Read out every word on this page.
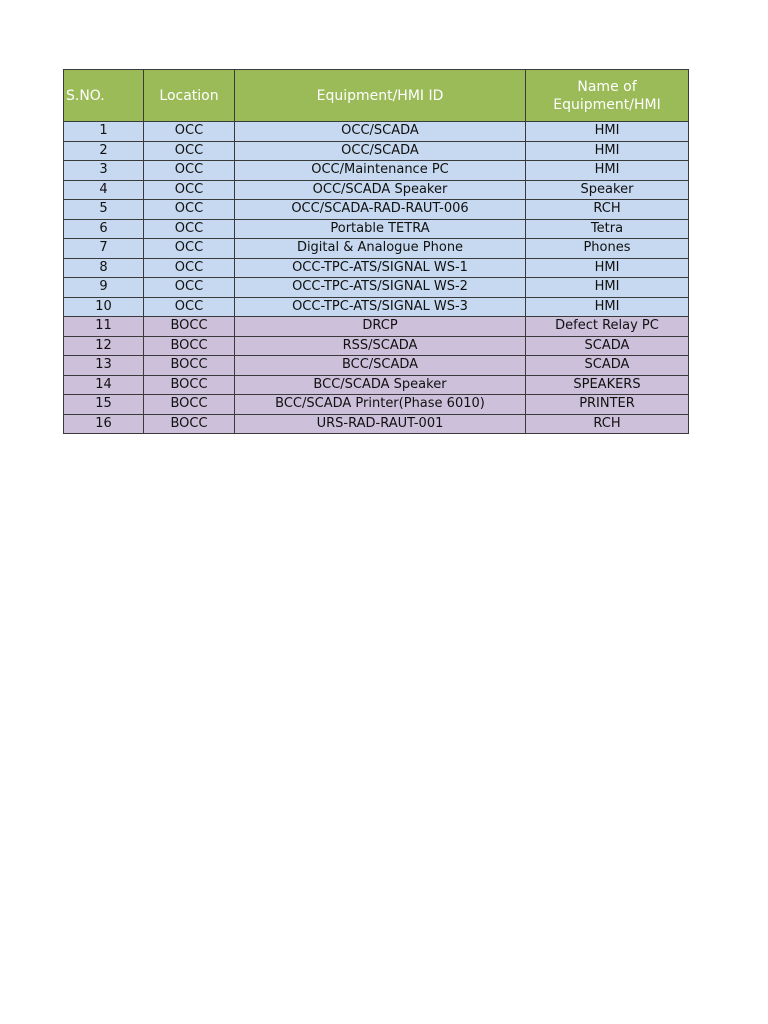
S.NO.	Location	Equipment/HMI ID	Name of Equipment/HMI
1	OCC	OCC/SCADA	HMI
2	OCC	OCC/SCADA	HMI
3	OCC	OCC/Maintenance PC	HMI
4	OCC	OCC/SCADA Speaker	Speaker
5	OCC	OCC/SCADA-RAD-RAUT-006	RCH
6	OCC	Portable TETRA	Tetra
7	OCC	Digital & Analogue Phone	Phones
8	OCC	OCC-TPC-ATS/SIGNAL WS-1	HMI
9	OCC	OCC-TPC-ATS/SIGNAL WS-2	HMI
10	OCC	OCC-TPC-ATS/SIGNAL WS-3	HMI
11	BOCC	DRCP	Defect Relay PC
12	BOCC	RSS/SCADA	SCADA
13	BOCC	BCC/SCADA	SCADA
14	BOCC	BCC/SCADA Speaker	SPEAKERS
15	BOCC	BCC/SCADA Printer(Phase 6010)	PRINTER
16	BOCC	URS-RAD-RAUT-001	RCH
